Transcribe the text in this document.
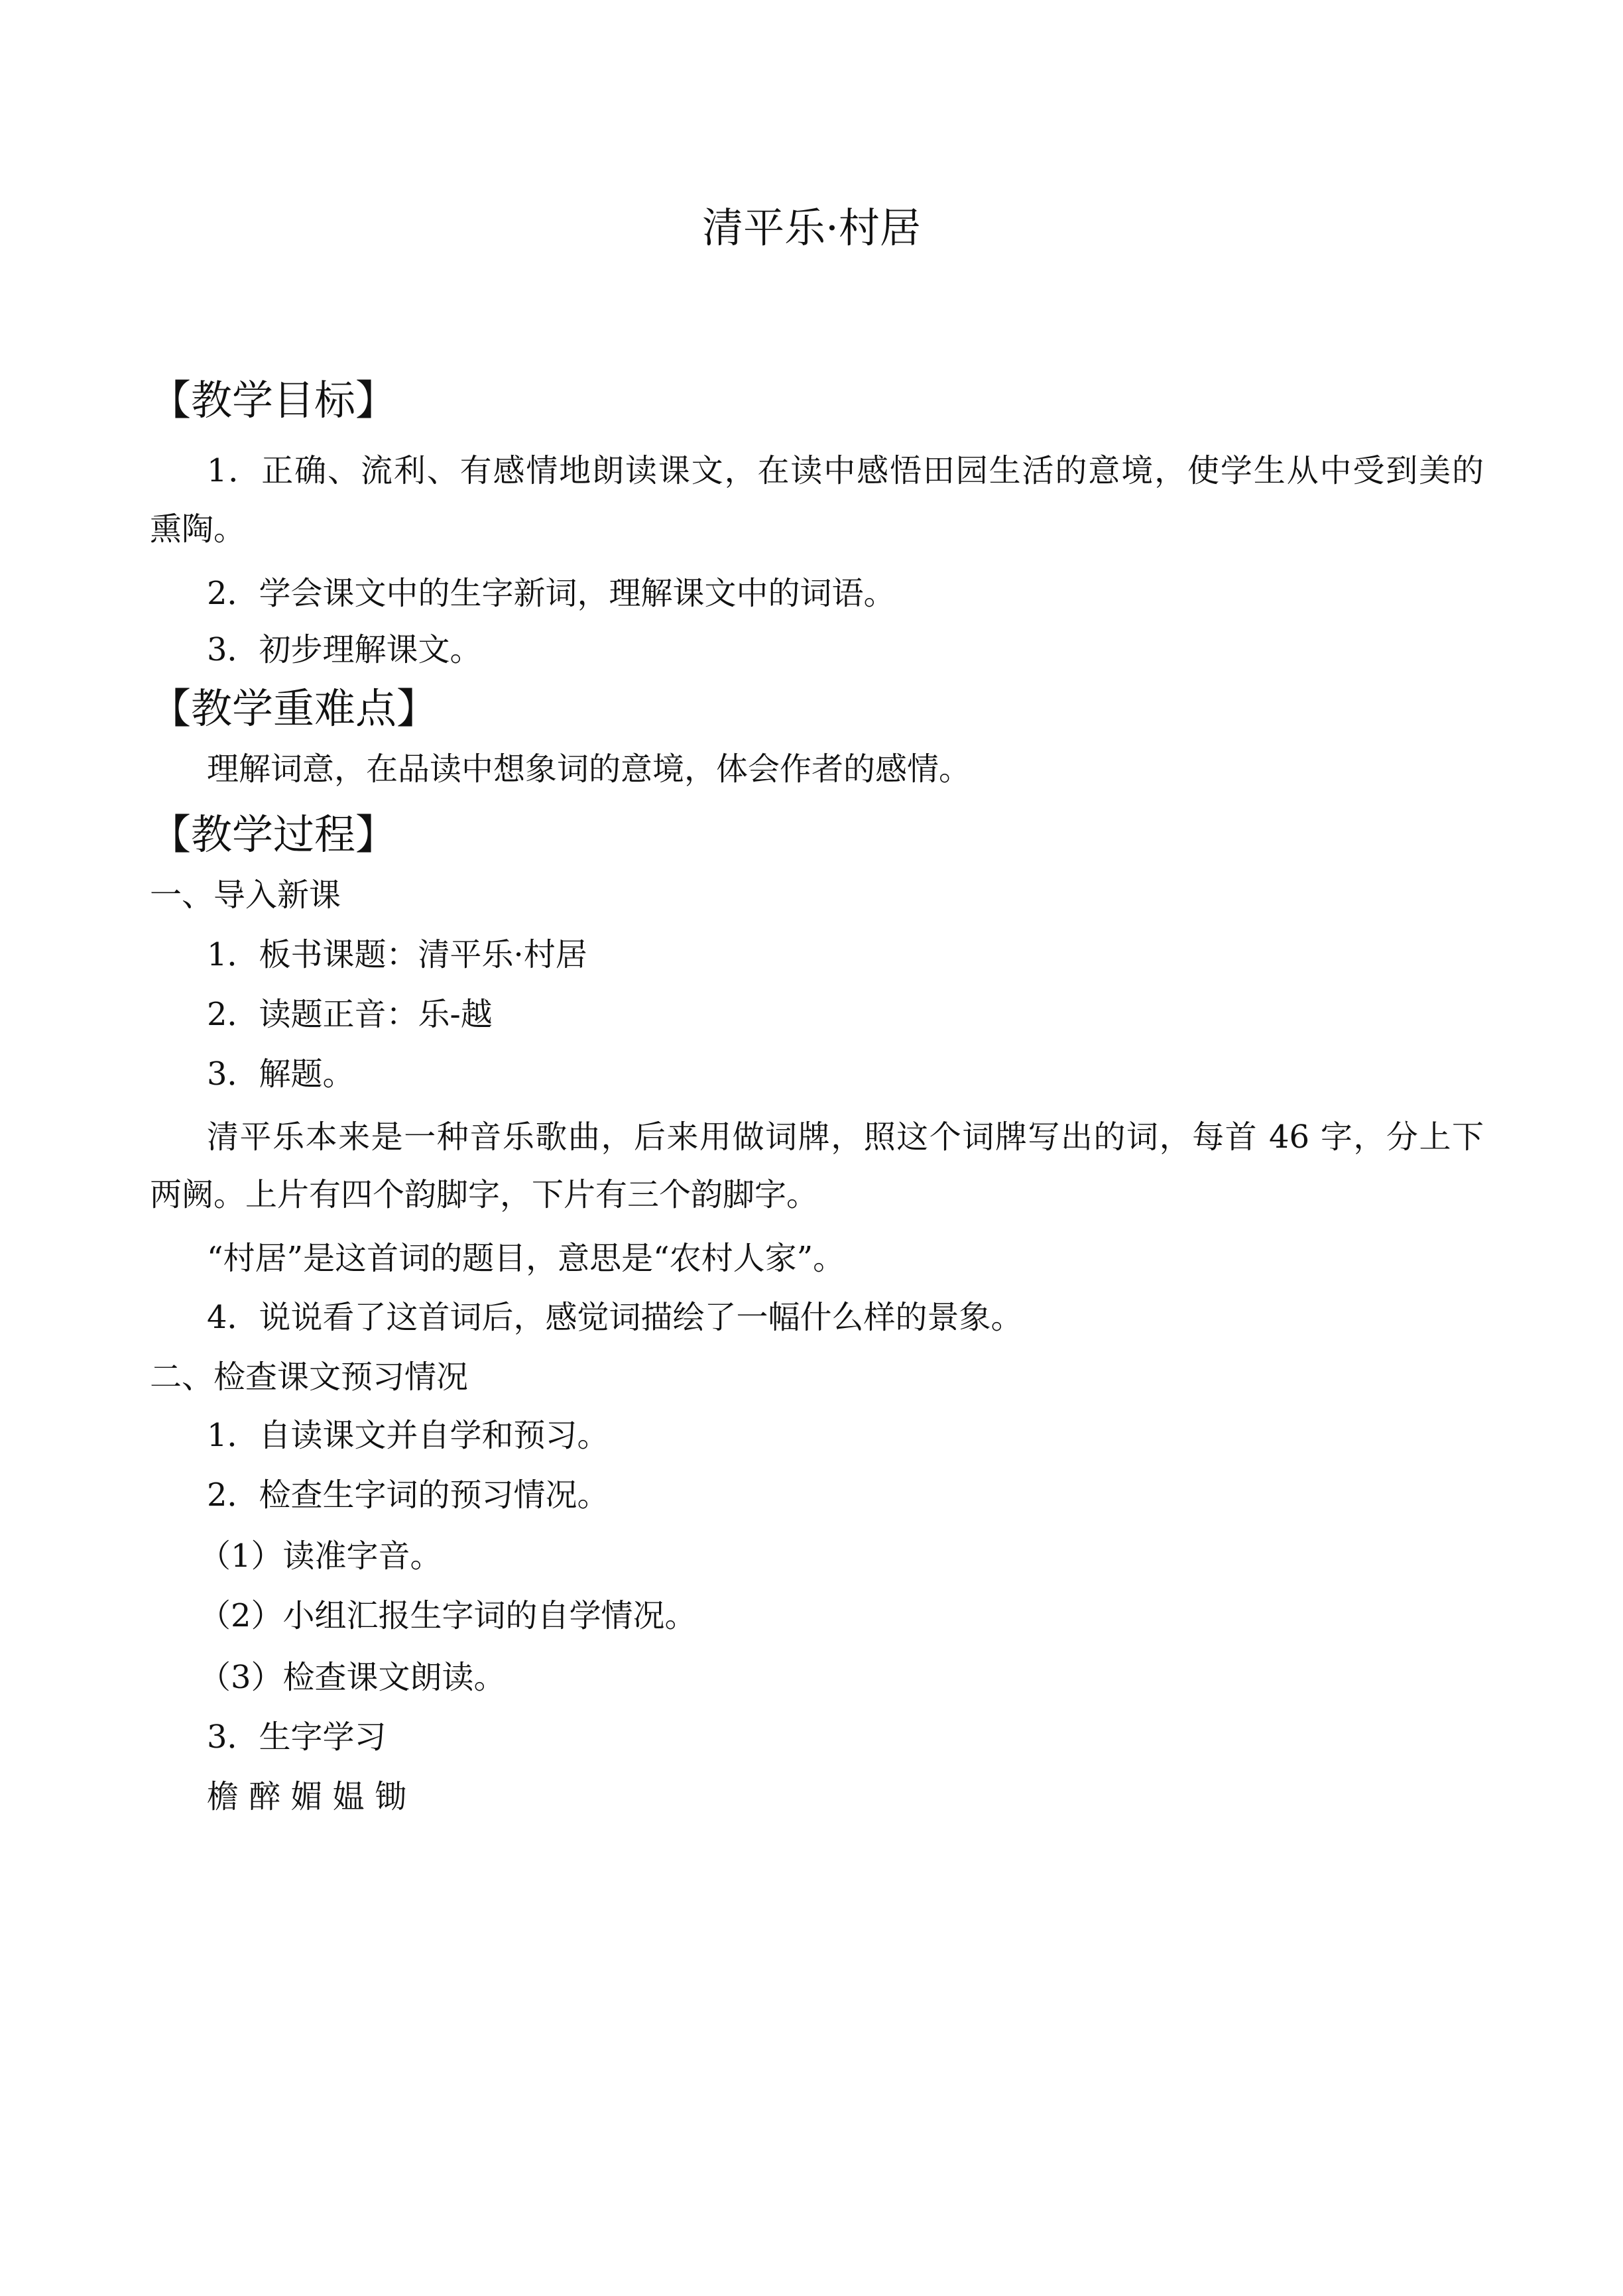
清平乐·村居
【教学目标】
1．正确、流利、有感情地朗读课文，在读中感悟田园生活的意境，使学生从中受到美的
熏陶。
2．学会课文中的生字新词，理解课文中的词语。
3．初步理解课文。
【教学重难点】
理解词意，在品读中想象词的意境，体会作者的感情。
【教学过程】
一、导入新课
1．板书课题：清平乐·村居
2．读题正音：乐-越
3．解题。
清平乐本来是一种音乐歌曲，后来用做词牌，照这个词牌写出的词，每首 46 字，分上下
两阙。上片有四个韵脚字，下片有三个韵脚字。
“村居”是这首词的题目，意思是“农村人家”。
4．说说看了这首词后，感觉词描绘了一幅什么样的景象。
二、检查课文预习情况
1．自读课文并自学和预习。
2．检查生字词的预习情况。
（1）读准字音。
（2）小组汇报生字词的自学情况。
（3）检查课文朗读。
3．生字学习
檐 醉 媚 媪 锄
